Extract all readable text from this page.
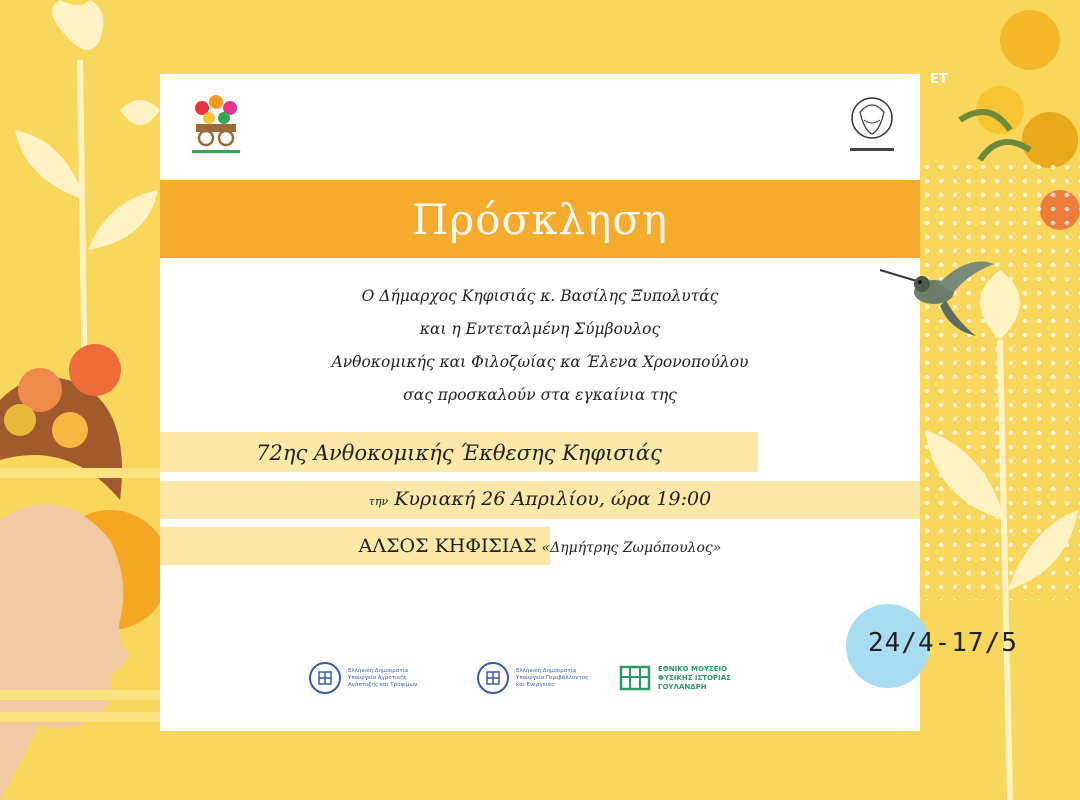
ΕΤ
Πρόσκληση
Ο Δήμαρχος Κηφισιάς κ. Βασίλης Ξυπολυτάς
και η Εντεταλμένη Σύμβουλος
Ανθοκομικής και Φιλοζωίας κα Έλενα Χρονοπούλου
σας προσκαλούν στα εγκαίνια της
72ης Ανθοκομικής Έκθεσης Κηφισιάς
την Κυριακή 26 Απριλίου, ώρα 19:00
ΑΛΣΟΣ ΚΗΦΙΣΙΑΣ «Δημήτρης Ζωμόπουλος»
Ελληνική Δημοκρατία Υπουργείο Αγροτικής Ανάπτυξης και Τροφίμων
Ελληνική Δημοκρατία Υπουργείο Περιβάλλοντος και Ενέργειας
ΕΘΝΙΚΟ ΜΟΥΣΕΙΟ ΦΥΣΙΚΗΣ ΙΣΤΟΡΙΑΣ ΓΟΥΛΑΝΔΡΗ
24/4-17/5
